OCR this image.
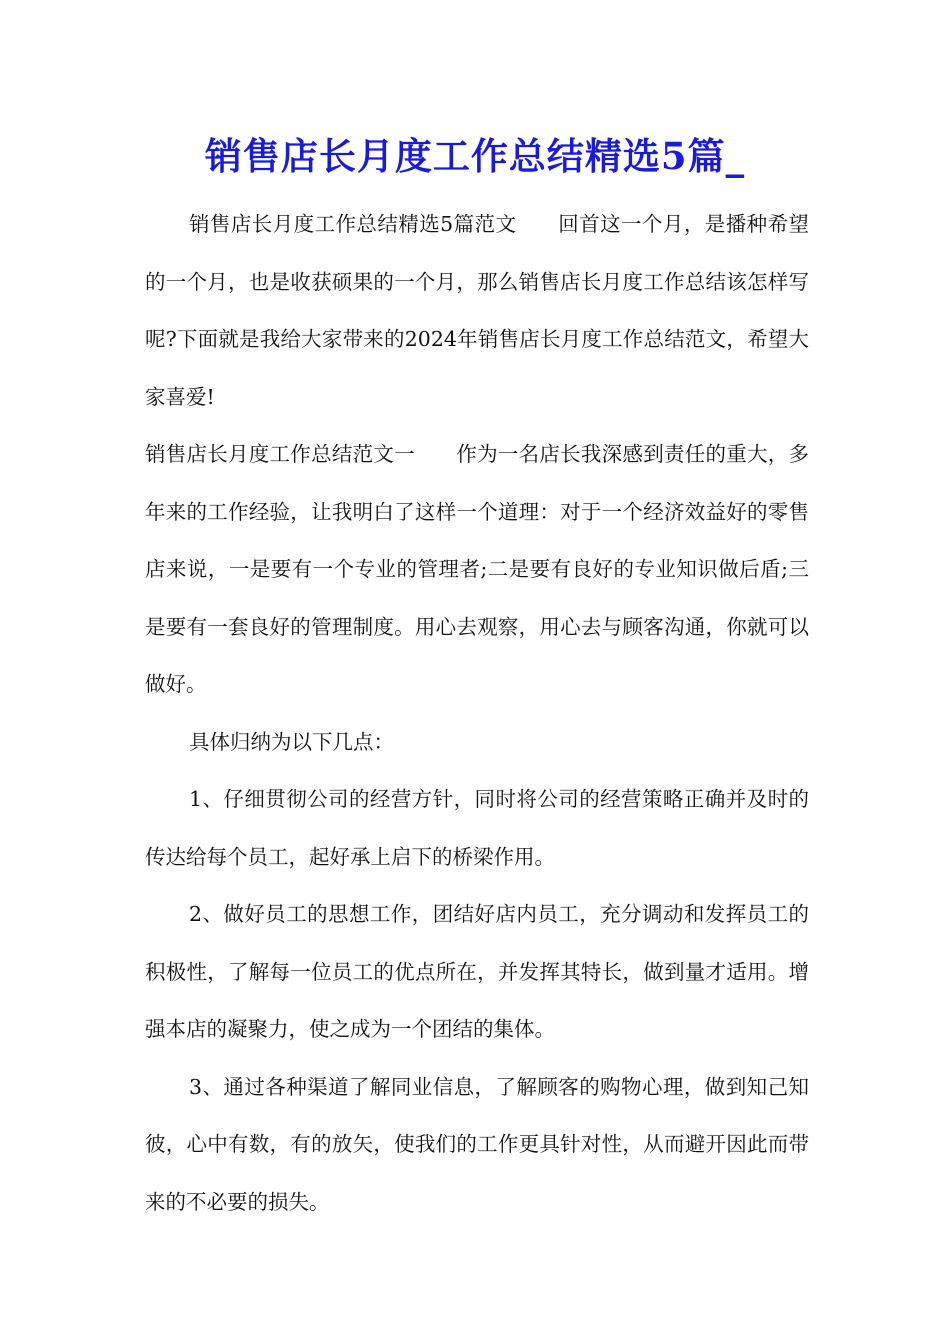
销售店长月度工作总结精选5篇_

销售店长月度工作总结精选5篇范文　　回首这一个月，是播种希望的一个月，也是收获硕果的一个月，那么销售店长月度工作总结该怎样写呢?下面就是我给大家带来的2024年销售店长月度工作总结范文，希望大家喜爱!

销售店长月度工作总结范文一　　作为一名店长我深感到责任的重大，多年来的工作经验，让我明白了这样一个道理：对于一个经济效益好的零售店来说，一是要有一个专业的管理者;二是要有良好的专业知识做后盾;三是要有一套良好的管理制度。用心去观察，用心去与顾客沟通，你就可以做好。

具体归纳为以下几点：

1、仔细贯彻公司的经营方针，同时将公司的经营策略正确并及时的传达给每个员工，起好承上启下的桥梁作用。

2、做好员工的思想工作，团结好店内员工，充分调动和发挥员工的积极性，了解每一位员工的优点所在，并发挥其特长，做到量才适用。增强本店的凝聚力，使之成为一个团结的集体。

3、通过各种渠道了解同业信息，了解顾客的购物心理，做到知己知彼，心中有数，有的放矢，使我们的工作更具针对性，从而避开因此而带来的不必要的损失。
